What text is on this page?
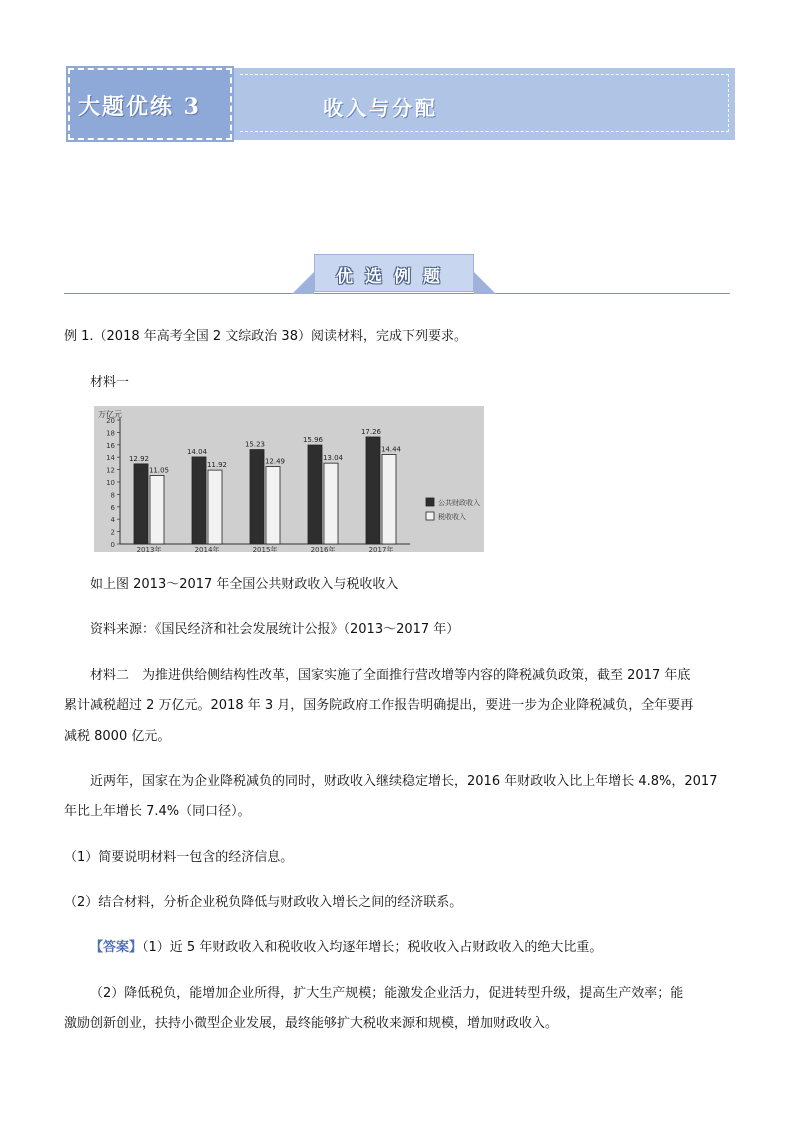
大题优练 3	收入与分配
优选例题
例 1.（2018 年高考全国 2 文综政治 38）阅读材料，完成下列要求。
材料一
万亿元
0
2
4
6
8
10
12
14
16
18
20
12.92
11.05
2013年
14.04
11.92
2014年
15.23
12.49
2015年
15.96
13.04
2016年
17.26
14.44
2017年
公共财政收入
税收收入
如上图 2013～2017 年全国公共财政收入与税收收入
资料来源：《国民经济和社会发展统计公报》（2013～2017 年）
材料二　为推进供给侧结构性改革，国家实施了全面推行营改增等内容的降税减负政策，截至 2017 年底
累计减税超过 2 万亿元。2018 年 3 月，国务院政府工作报告明确提出，要进一步为企业降税减负，全年要再
减税 8000 亿元。
近两年，国家在为企业降税减负的同时，财政收入继续稳定增长，2016 年财政收入比上年增长 4.8%，2017
年比上年增长 7.4%（同口径）。
（1）简要说明材料一包含的经济信息。
（2）结合材料，分析企业税负降低与财政收入增长之间的经济联系。
【答案】（1）近 5 年财政收入和税收收入均逐年增长；税收收入占财政收入的绝大比重。
（2）降低税负，能增加企业所得，扩大生产规模；能激发企业活力，促进转型升级，提高生产效率；能
激励创新创业，扶持小微型企业发展，最终能够扩大税收来源和规模，增加财政收入。
